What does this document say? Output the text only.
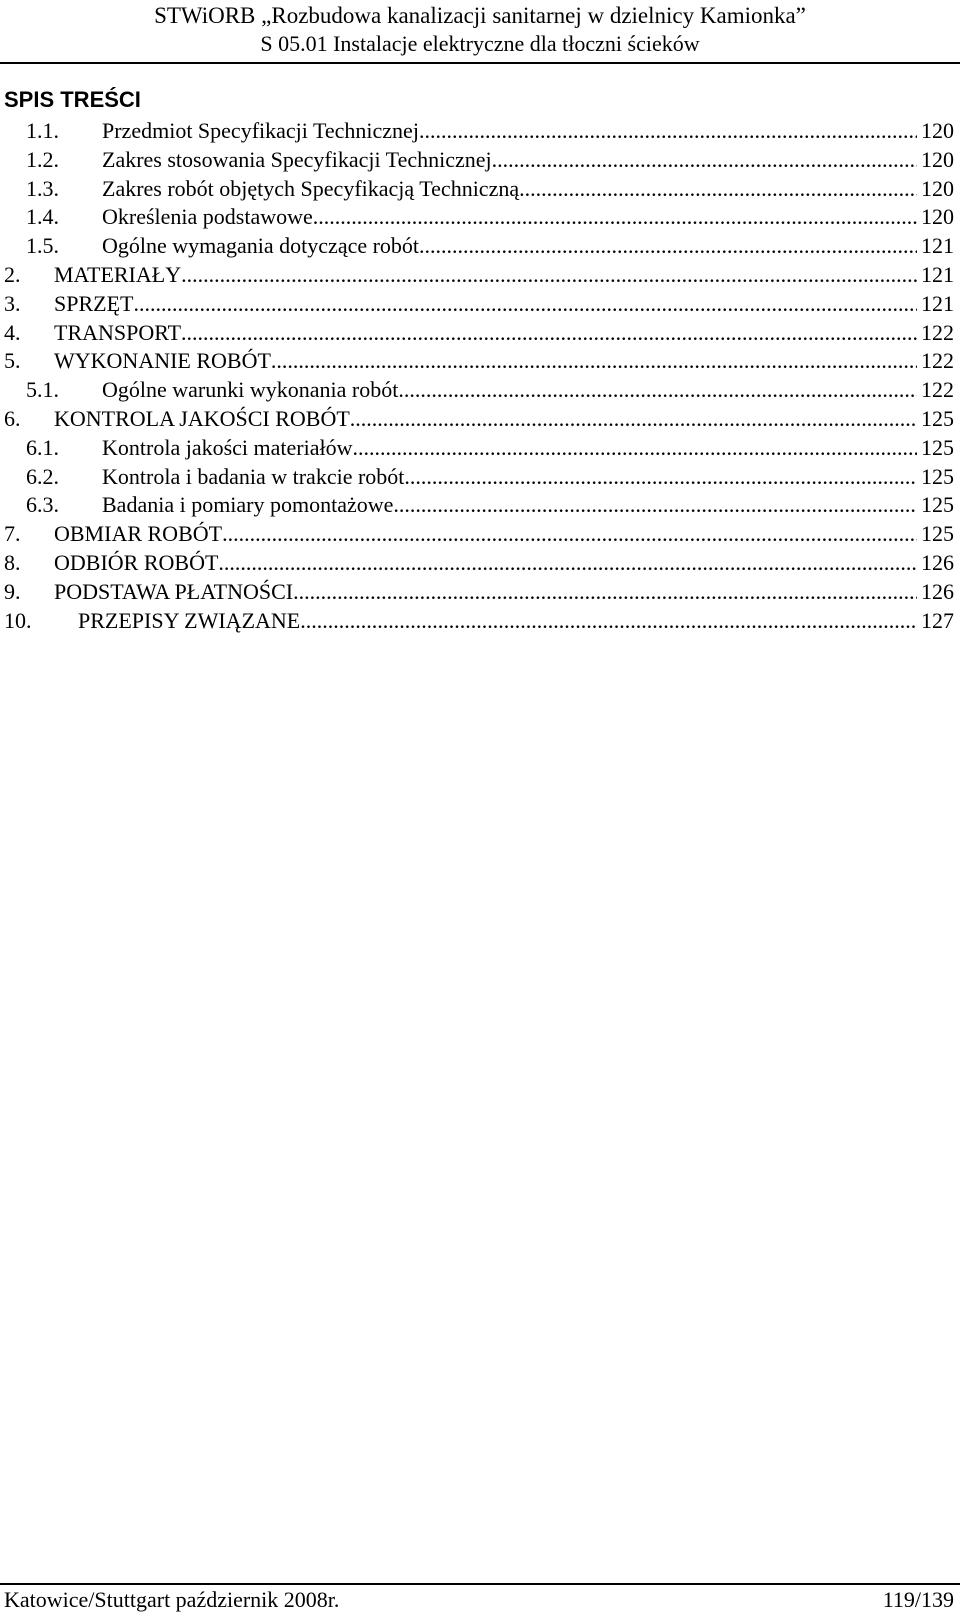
STWiORB „Rozbudowa kanalizacji sanitarnej w dzielnicy Kamionka”
S 05.01 Instalacje elektryczne dla tłoczni ścieków
SPIS TREŚCI
1.1. Przedmiot Specyfikacji Technicznej .....	120
1.2. Zakres stosowania Specyfikacji Technicznej .....	120
1.3. Zakres robót objętych Specyfikacją Techniczną .....	120
1.4. Określenia podstawowe .....	120
1.5. Ogólne wymagania dotyczące robót .....	121
2. MATERIAŁY .....	121
3. SPRZĘT .....	121
4. TRANSPORT .....	122
5. WYKONANIE ROBÓT .....	122
5.1. Ogólne warunki wykonania robót .....	122
6. KONTROLA JAKOŚCI ROBÓT .....	125
6.1. Kontrola jakości materiałów .....	125
6.2. Kontrola i badania w trakcie robót .....	125
6.3. Badania i pomiary pomontażowe .....	125
7. OBMIAR ROBÓT .....	125
8. ODBIÓR ROBÓT .....	126
9. PODSTAWA PŁATNOŚCI .....	126
10. PRZEPISY ZWIĄZANE .....	127
Katowice/Stuttgart październik 2008r.	119/139
